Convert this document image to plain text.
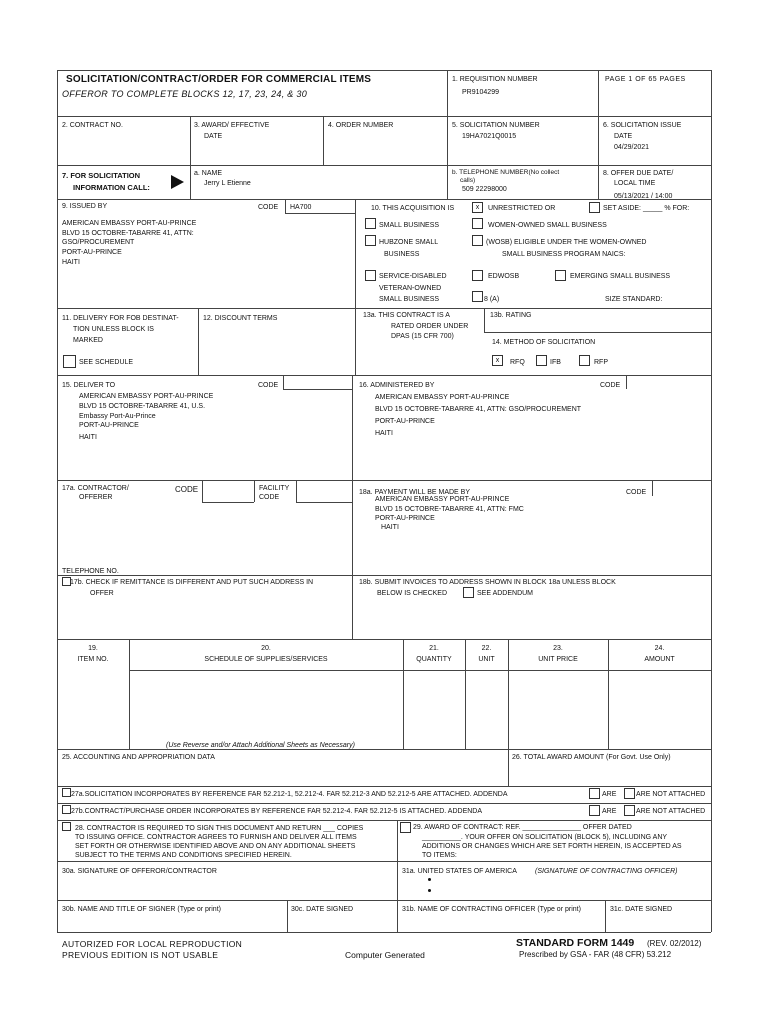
SOLICITATION/CONTRACT/ORDER FOR COMMERCIAL ITEMS
OFFEROR TO COMPLETE BLOCKS 12, 17, 23, 24, & 30
1. REQUISITION NUMBER
PR9104299
PAGE 1 OF 65 PAGES
2. CONTRACT NO.	3. AWARD/ EFFECTIVE
DATE
4. ORDER NUMBER	5. SOLICITATION NUMBER
19HA7021Q0015
6. SOLICITATION ISSUE
DATE
04/29/2021
7. FOR SOLICITATION
INFORMATION CALL:
a. NAME
Jerry L Etienne
b. TELEPHONE NUMBER(No collect
calls)
509 22298000
8. OFFER DUE DATE/
LOCAL TIME
05/13/2021 / 14:00
9. ISSUED BY	CODE HA700
AMERICAN EMBASSY PORT-AU-PRINCE
BLVD 15 OCTOBRE-TABARRE 41, ATTN:
GSO/PROCUREMENT
PORT-AU-PRINCE
HAITI
10. THIS ACQUISITION IS	x	UNRESTRICTED OR	SET ASIDE: _____ % FOR:
SMALL BUSINESS	WOMEN-OWNED SMALL BUSINESS
HUBZONE SMALL
BUSINESS
(WOSB) ELIGIBLE UNDER THE WOMEN-OWNED
SMALL BUSINESS PROGRAM NAICS:
SERVICE-DISABLED
VETERAN-OWNED
SMALL BUSINESS
EDWOSB	EMERGING SMALL BUSINESS
8 (A)	SIZE STANDARD:
11. DELIVERY FOR FOB DESTINAT-
TION UNLESS BLOCK IS
MARKED
SEE SCHEDULE
12. DISCOUNT TERMS	13a. THIS CONTRACT IS A
RATED ORDER UNDER
DPAS (15 CFR 700)
13b. RATING
14. METHOD OF SOLICITATION
x	RFQ	IFB	RFP
15. DELIVER TO	CODE
AMERICAN EMBASSY PORT-AU-PRINCE
BLVD 15 OCTOBRE-TABARRE 41, U.S.
Embassy Port-Au-Prince
PORT-AU-PRINCE
HAITI
16. ADMINISTERED BY	CODE
AMERICAN EMBASSY PORT-AU-PRINCE
BLVD 15 OCTOBRE-TABARRE 41, ATTN: GSO/PROCUREMENT
PORT-AU-PRINCE
HAITI
17a. CONTRACTOR/
OFFERER
CODE	FACILITY
CODE
TELEPHONE NO.
17b. CHECK IF REMITTANCE IS DIFFERENT AND PUT SUCH ADDRESS IN
OFFER
18a. PAYMENT WILL BE MADE BY	CODE
AMERICAN EMBASSY PORT-AU-PRINCE
BLVD 15 OCTOBRE-TABARRE 41, ATTN: FMC
PORT-AU-PRINCE
HAITI
18b. SUBMIT INVOICES TO ADDRESS SHOWN IN BLOCK 18a UNLESS BLOCK
BELOW IS CHECKED	SEE ADDENDUM
19.
ITEM NO.
20.
SCHEDULE OF SUPPLIES/SERVICES
21.
QUANTITY
22.
UNIT
23.
UNIT PRICE
24.
AMOUNT
(Use Reverse and/or Attach Additional Sheets as Necessary)
25. ACCOUNTING AND APPROPRIATION DATA	26. TOTAL AWARD AMOUNT (For Govt. Use Only)
27a.SOLICITATION INCORPORATES BY REFERENCE FAR 52.212-1, 52.212-4. FAR 52.212-3 AND 52.212-5 ARE ATTACHED. ADDENDA	ARE	ARE NOT ATTACHED
27b.CONTRACT/PURCHASE ORDER INCORPORATES BY REFERENCE FAR 52.212-4. FAR 52.212-5 IS ATTACHED. ADDENDA	ARE	ARE NOT ATTACHED
28. CONTRACTOR IS REQUIRED TO SIGN THIS DOCUMENT AND RETURN ___ COPIES
TO ISSUING OFFICE. CONTRACTOR AGREES TO FURNISH AND DELIVER ALL ITEMS
SET FORTH OR OTHERWISE IDENTIFIED ABOVE AND ON ANY ADDITIONAL SHEETS
SUBJECT TO THE TERMS AND CONDITIONS SPECIFIED HEREIN.
29. AWARD OF CONTRACT: REF. _______________ OFFER DATED
__________. YOUR OFFER ON SOLICITATION (BLOCK 5), INCLUDING ANY
ADDITIONS OR CHANGES WHICH ARE SET FORTH HEREIN, IS ACCEPTED AS
TO ITEMS:
30a. SIGNATURE OF OFFEROR/CONTRACTOR	31a. UNITED STATES OF AMERICA	(SIGNATURE OF CONTRACTING OFFICER)
30b. NAME AND TITLE OF SIGNER (Type or print)	30c. DATE SIGNED	31b. NAME OF CONTRACTING OFFICER (Type or print)	31c. DATE SIGNED
AUTORIZED FOR LOCAL REPRODUCTION
PREVIOUS EDITION IS NOT USABLE	Computer Generated
STANDARD FORM 1449 (REV. 02/2012)
Prescribed by GSA - FAR (48 CFR) 53.212
